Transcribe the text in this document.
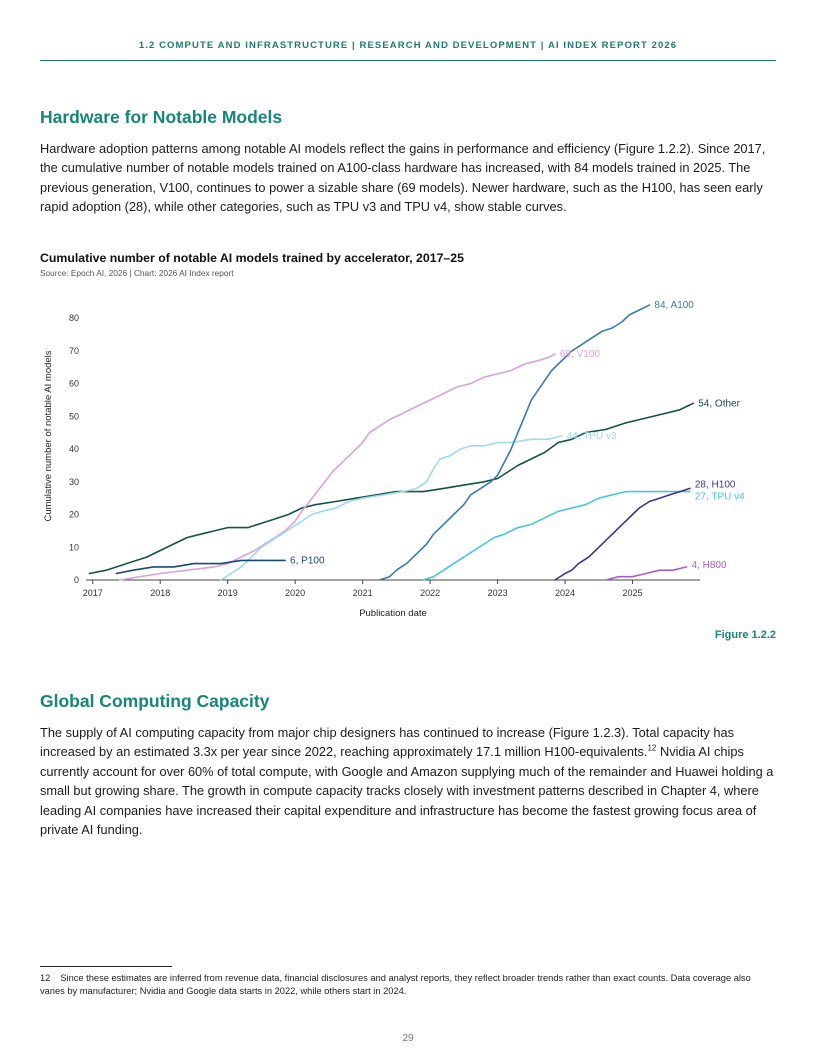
1.2 COMPUTE AND INFRASTRUCTURE | RESEARCH AND DEVELOPMENT | AI INDEX REPORT 2026
Hardware for Notable Models

Hardware adoption patterns among notable AI models reflect the gains in performance and efficiency (Figure 1.2.2). Since 2017, the cumulative number of notable models trained on A100-class hardware has increased, with 84 models trained in 2025. The previous generation, V100, continues to power a sizable share (69 models). Newer hardware, such as the H100, has seen early rapid adoption (28), while other categories, such as TPU v3 and TPU v4, show stable curves.

Cumulative number of notable AI models trained by accelerator, 2017–25
Source: Epoch AI, 2026 | Chart: 2026 AI Index report
2017	2018	2019	2020	2021	2022	2023	2024	2025
0
10
20
30
40
50
60
70
80
Publication date
Cumulative number of notable AI models	54, Other
69, V100
44, TPU v3
84, A100
27, TPU v4
28, H100
6, P100	4, H800
Figure 1.2.2
Global Computing Capacity

The supply of AI computing capacity from major chip designers has continued to increase (Figure 1.2.3). Total capacity has increased by an estimated 3.3x per year since 2022, reaching approximately 17.1 million H100-equivalents.$^{12}$ Nvidia AI chips currently account for over 60% of total compute, with Google and Amazon supplying much of the remainder and Huawei holding a small but growing share. The growth in compute capacity tracks closely with investment patterns described in Chapter 4, where leading AI companies have increased their capital expenditure and infrastructure has become the fastest growing focus area of private AI funding.

12 Since these estimates are inferred from revenue data, financial disclosures and analyst reports, they reflect broader trends rather than exact counts. Data coverage also varies by manufacturer; Nvidia and Google data starts in 2022, while others start in 2024.
29
